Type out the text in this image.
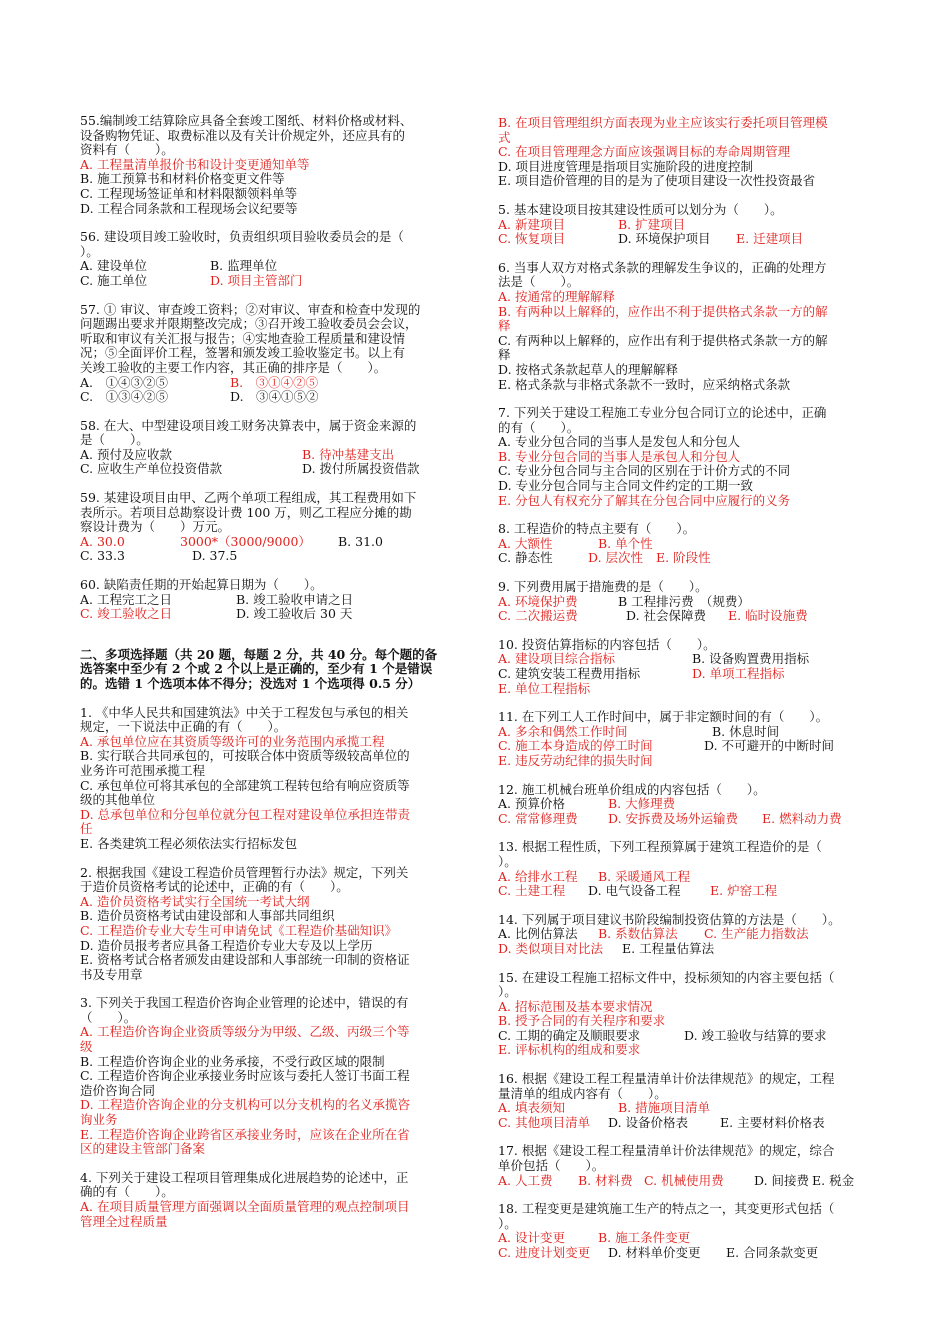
55.编制竣工结算除应具备全套竣工图纸、材料价格或材料、

设备购物凭证、取费标准以及有关计价规定外，还应具有的

资料有（　　）。

A. 工程量清单报价书和设计变更通知单等

B. 施工预算书和材料价格变更文件等

C. 工程现场签证单和材料限额领料单等

D. 工程合同条款和工程现场会议纪要等

56. 建设项目竣工验收时，负责组织项目验收委员会的是（

）。

A. 建设单位	B. 监理单位
C. 施工单位	D. 项目主管部门

57. ① 审议、审查竣工资料；②对审议、审查和检查中发现的

问题踢出要求并限期整改完成；③召开竣工验收委员会会议，

听取和审议有关汇报与报告；④实地查验工程质量和建设情

况；⑤全面评价工程，签署和颁发竣工验收鉴定书。以上有

关竣工验收的主要工作内容，其正确的排序是（　　）。

A.　①④③②⑤	B.　③①④②⑤
C.　①③④②⑤	D.　③④①⑤②

58. 在大、中型建设项目竣工财务决算表中，属于资金来源的

是（　　）。

A. 预付及应收款	B. 待冲基建支出
C. 应收生产单位投资借款	D. 拨付所属投资借款

59. 某建设项目由甲、乙两个单项工程组成，其工程费用如下

表所示。若项目总勘察设计费 100 万，则乙工程应分摊的勘

察设计费为（　　）万元。

A. 30.0	3000*（3000/9000）	B. 31.0
C. 33.3	D. 37.5

60. 缺陷责任期的开始起算日期为（　　）。

A. 工程完工之日	B. 竣工验收申请之日
C. 竣工验收之日	D. 竣工验收后 30 天

二、多项选择题（共 20 题，每题 2 分，共 40 分。每个题的备

选答案中至少有 2 个或 2 个以上是正确的，至少有 1 个是错误

的。选错 1 个选项本体不得分；没选对 1 个选项得 0.5 分）

1. 《中华人民共和国建筑法》中关于工程发包与承包的相关

规定，一下说法中正确的有（　　）。

A. 承包单位应在其资质等级许可的业务范围内承揽工程

B. 实行联合共同承包的，可按联合体中资质等级较高单位的

业务许可范围承揽工程

C. 承包单位可将其承包的全部建筑工程转包给有响应资质等

级的其他单位

D. 总承包单位和分包单位就分包工程对建设单位承担连带责

任

E. 各类建筑工程必须依法实行招标发包

2. 根据我国《建设工程造价员管理暂行办法》规定，下列关

于造价员资格考试的论述中，正确的有（　　）。

A. 造价员资格考试实行全国统一考试大纲

B. 造价员资格考试由建设部和人事部共同组织

C. 工程造价专业大专生可申请免试《工程造价基础知识》

D. 造价员报考者应具备工程造价专业大专及以上学历

E. 资格考试合格者颁发由建设部和人事部统一印制的资格证

书及专用章

3. 下列关于我国工程造价咨询企业管理的论述中，错误的有

（　　）。

A. 工程造价咨询企业资质等级分为甲级、乙级、丙级三个等

级

B. 工程造价咨询企业的业务承接，不受行政区域的限制

C. 工程造价咨询企业承接业务时应该与委托人签订书面工程

造价咨询合同

D. 工程造价咨询企业的分支机构可以分支机构的名义承揽咨

询业务

E. 工程造价咨询企业跨省区承接业务时，应该在企业所在省

区的建设主管部门备案

4. 下列关于建设工程项目管理集成化进展趋势的论述中，正

确的有（　　）。

A. 在项目质量管理方面强调以全面质量管理的观点控制项目

管理全过程质量

B. 在项目管理组织方面表现为业主应该实行委托项目管理模

式

C. 在项目管理理念方面应该强调目标的寿命周期管理

D. 项目进度管理是指项目实施阶段的进度控制

E. 项目造价管理的目的是为了使项目建设一次性投资最省

5. 基本建设项目按其建设性质可以划分为（　　）。

A. 新建项目	B. 扩建项目
C. 恢复项目	D. 环境保护项目	E. 迁建项目

6. 当事人双方对格式条款的理解发生争议的，正确的处理方

法是（　　）。

A. 按通常的理解解释

B. 有两种以上解释的，应作出不利于提供格式条款一方的解

释

C. 有两种以上解释的，应作出有利于提供格式条款一方的解

释

D. 按格式条款起草人的理解解释

E. 格式条款与非格式条款不一致时，应采纳格式条款

7. 下列关于建设工程施工专业分包合同订立的论述中，正确

的有（　　）。

A. 专业分包合同的当事人是发包人和分包人

B. 专业分包合同的当事人是承包人和分包人

C. 专业分包合同与主合同的区别在于计价方式的不同

D. 专业分包合同与主合同文件约定的工期一致

E. 分包人有权充分了解其在分包合同中应履行的义务

8. 工程造价的特点主要有（　　）。

A. 大额性	B. 单个性
C. 静态性	D. 层次性	E. 阶段性

9. 下列费用属于措施费的是（　　）。

A. 环境保护费	B 工程排污费　（规费）
C. 二次搬运费	D. 社会保障费	E. 临时设施费

10. 投资估算指标的内容包括（　　）。

A. 建设项目综合指标	B. 设备购置费用指标
C. 建筑安装工程费用指标	D. 单项工程指标

E. 单位工程指标

11. 在下列工人工作时间中，属于非定额时间的有（　　）。

A. 多余和偶然工作时间	B. 休息时间
C. 施工本身造成的停工时间	D. 不可避开的中断时间

E. 违反劳动纪律的损失时间

12. 施工机械台班单价组成的内容包括（　　）。

A. 预算价格	B. 大修理费
C. 常常修理费	D. 安拆费及场外运输费	E. 燃料动力费

13. 根据工程性质，下列工程预算属于建筑工程造价的是（

）。

A. 给排水工程	B. 采暖通风工程
C. 土建工程	D. 电气设备工程	E. 炉窑工程

14. 下列属于项目建议书阶段编制投资估算的方法是（　　）。

A. 比例估算法	B. 系数估算法	C. 生产能力指数法
D. 类似项目对比法	E. 工程量估算法

15. 在建设工程施工招标文件中，投标须知的内容主要包括（

）。

A. 招标范围及基本要求情况

B. 授予合同的有关程序和要求

C. 工期的确定及顺眼要求	D. 竣工验收与结算的要求

E. 评标机构的组成和要求

16. 根据《建设工程工程量清单计价法律规范》的规定，工程

量清单的组成内容有（　　）。

A. 填表须知	B. 措施项目清单
C. 其他项目清单	D. 设备价格表	E. 主要材料价格表

17. 根据《建设工程工程量清单计价法律规范》的规定，综合

单价包括（　　）。

A. 人工费	B. 材料费 C. 机械使用费	D. 间接费 E. 税金

18. 工程变更是建筑施工生产的特点之一，其变更形式包括（

）。

A. 设计变更	B. 施工条件变更
C. 进度计划变更	D. 材料单价变更	E. 合同条款变更
